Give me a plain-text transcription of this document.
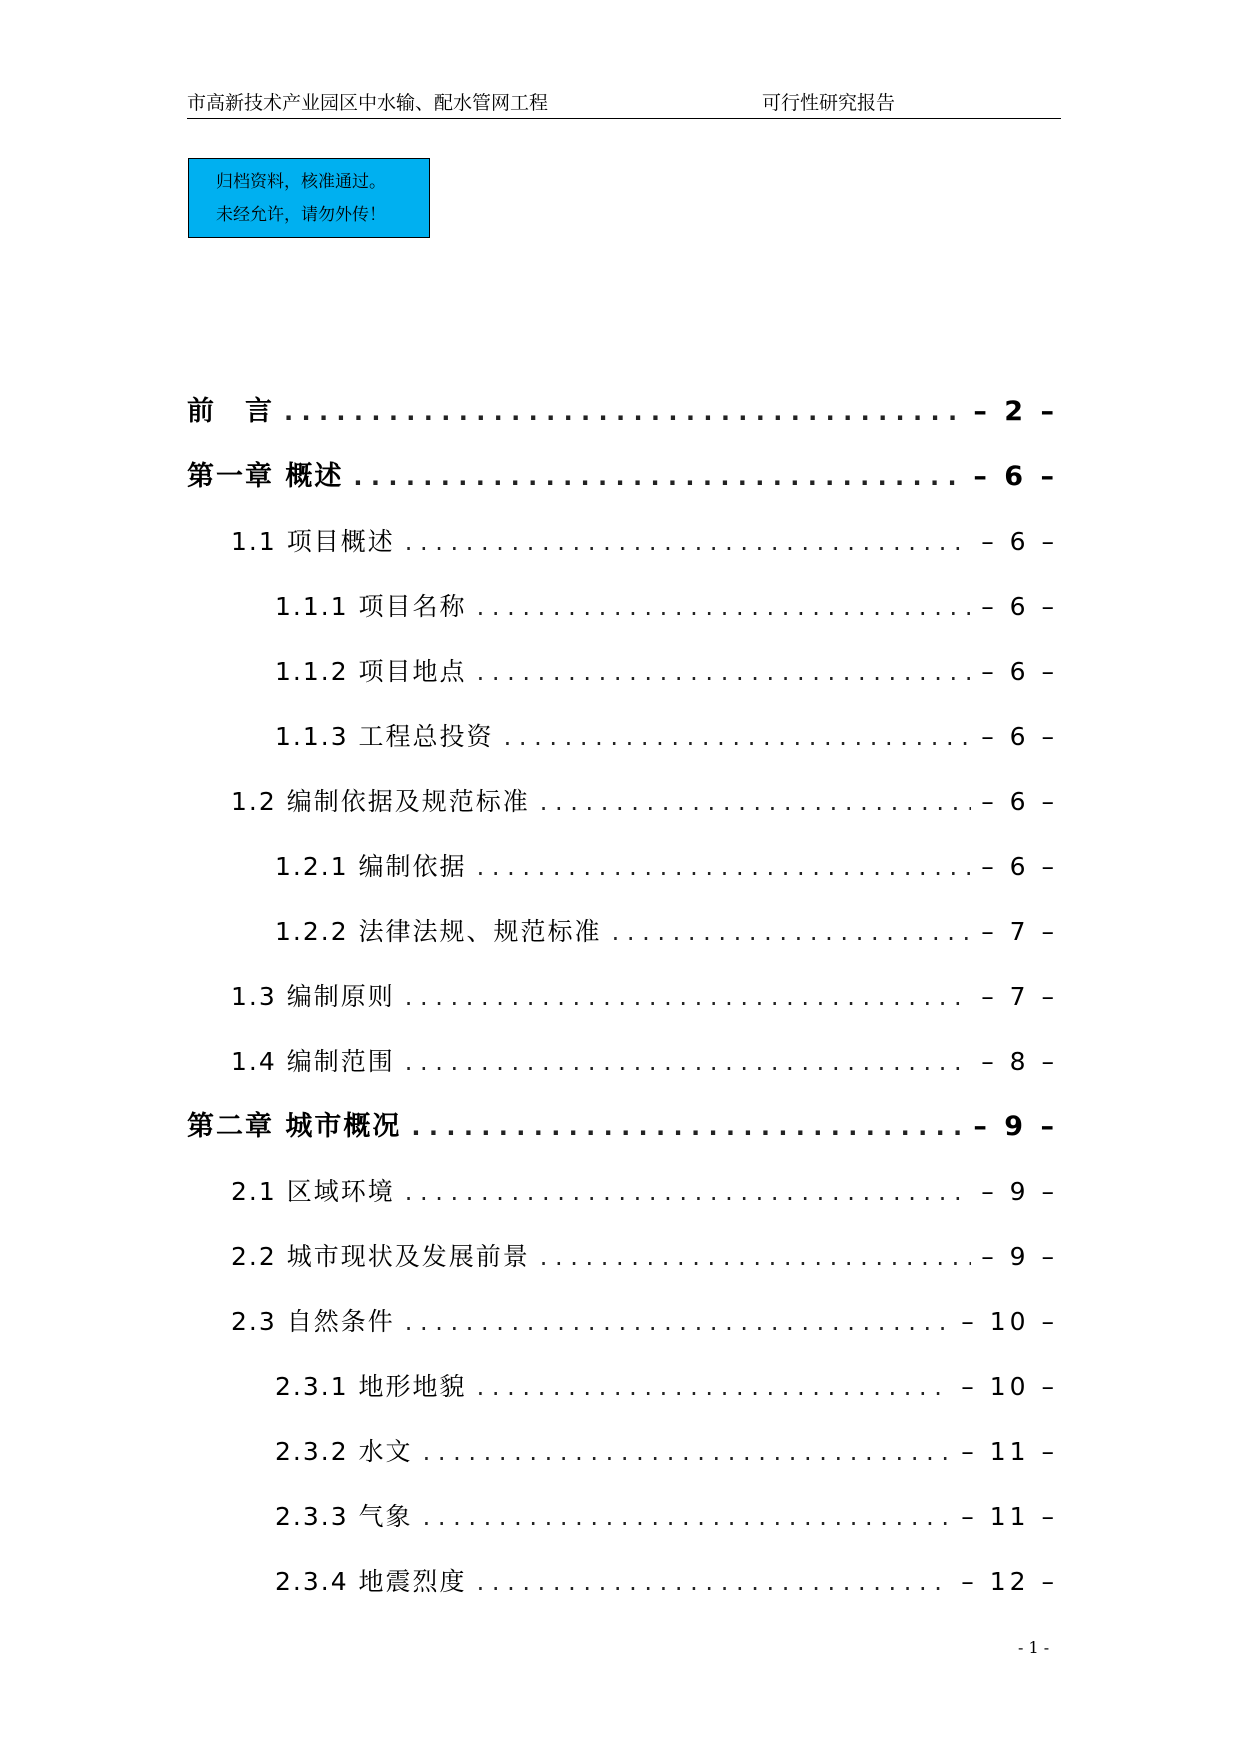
市高新技术产业园区中水输、配水管网工程	可行性研究报告
归档资料，核准通过。
未经允许，请勿外传！
前　言 . . .	– 2 –
第一章 概述 . . .	– 6 –
1.1 项目概述 . . .	– 6 –
1.1.1 项目名称 . . .	– 6 –
1.1.2 项目地点 . . .	– 6 –
1.1.3 工程总投资 . . .	– 6 –
1.2 编制依据及规范标准 . . .	– 6 –
1.2.1 编制依据 . . .	– 6 –
1.2.2 法律法规、规范标准 . . .	– 7 –
1.3 编制原则 . . .	– 7 –
1.4 编制范围 . . .	– 8 –
第二章 城市概况 . . .	– 9 –
2.1 区域环境 . . .	– 9 –
2.2 城市现状及发展前景 . . .	– 9 –
2.3 自然条件 . . .	– 10 –
2.3.1 地形地貌 . . .	– 10 –
2.3.2 水文 . . .	– 11 –
2.3.3 气象 . . .	– 11 –
2.3.4 地震烈度 . . .	– 12 –
- 1 -
